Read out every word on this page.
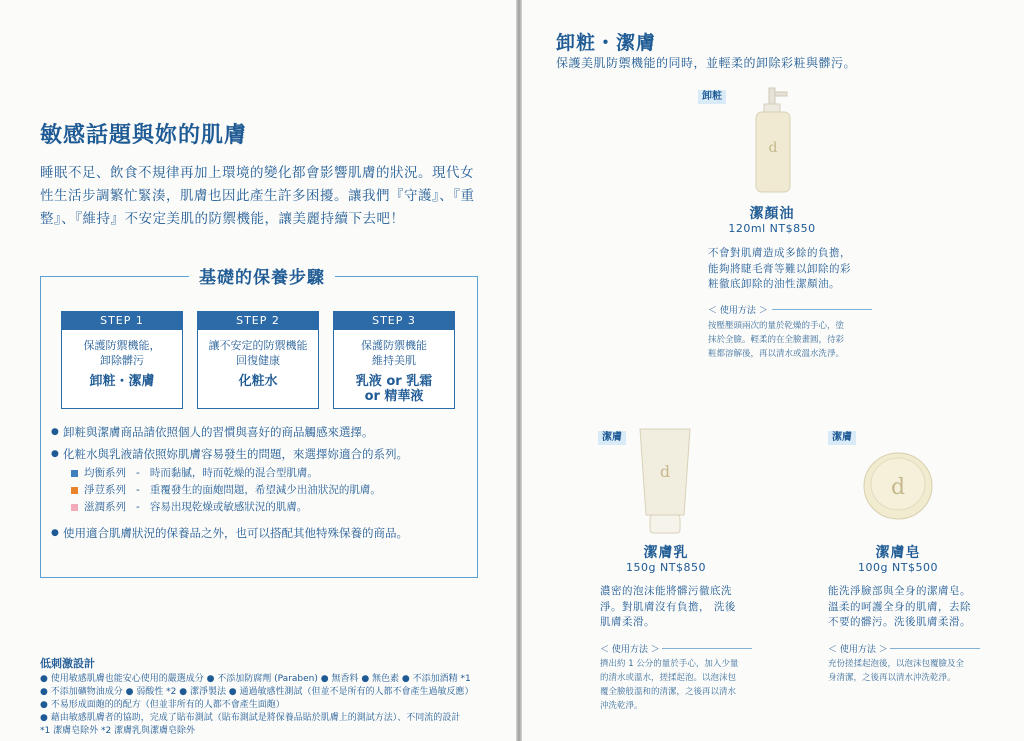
敏感話題與妳的肌膚
睡眠不足、飲食不規律再加上環境的變化都會影響肌膚的狀況。現代女性生活步調繁忙緊湊，肌膚也因此產生許多困擾。讓我們『守護』、『重整』、『維持』不安定美肌的防禦機能，讓美麗持續下去吧！
基礎的保養步驟
STEP 1
保護防禦機能，
卸除髒污
卸粧・潔膚
STEP 2
讓不安定的防禦機能
回復健康
化粧水
STEP 3
保護防禦機能
維持美肌
乳液 or 乳霜
or 精華液
● 卸粧與潔膚商品請依照個人的習慣與喜好的商品觸感來選擇。
● 化粧水與乳液請依照妳肌膚容易發生的問題，來選擇妳適合的系列。
均衡系列 - 時而黏膩，時而乾燥的混合型肌膚。
淨荳系列 - 重覆發生的面皰問題，希望減少出油狀況的肌膚。
滋潤系列 - 容易出現乾燥或敏感狀況的肌膚。
● 使用適合肌膚狀況的保養品之外，也可以搭配其他特殊保養的商品。
低刺激設計
● 使用敏感肌膚也能安心使用的嚴選成分 ● 不添加防腐劑 (Paraben) ● 無香料 ● 無色素 ● 不添加酒精 *1
● 不添加礦物油成分 ● 弱酸性 *2 ● 潔淨製法 ● 通過敏感性測試（但並不是所有的人都不會產生過敏反應）
● 不易形成面皰的的配方（但並非所有的人都不會產生面皰）
● 藉由敏感肌膚者的協助，完成了貼布測試（貼布測試是將保養品貼於肌膚上的測試方法）、不同流的設計
*1 潔膚皂除外 *2 潔膚乳與潔膚皂除外
卸粧・潔膚
保護美肌防禦機能的同時，並輕柔的卸除彩粧與髒污。
卸粧
d
潔顏油
120ml NT$850
不會對肌膚造成多餘的負擔，
能夠將睫毛膏等難以卸除的彩
粧徹底卸除的油性潔顏油。
＜ 使用方法 ＞
按壓壓頭兩次的量於乾燥的手心，塗
抹於全臉。輕柔的在全臉畫圓，待彩
粧都溶解後，再以清水或溫水洗淨。
潔膚
d
潔膚乳
150g NT$850
濃密的泡沫能將髒污徹底洗
淨。對肌膚沒有負擔， 洗後
肌膚柔滑。
＜ 使用方法 ＞
擠出約 1 公分的量於手心，加入少量
的清水或溫水，搓揉起泡。以泡沫包
覆全臉般溫和的清潔，之後再以清水
沖洗乾淨。
潔膚
d
潔膚皂
100g NT$500
能洗淨臉部與全身的潔膚皂。
溫柔的呵護全身的肌膚，去除
不要的髒污。洗後肌膚柔滑。
＜ 使用方法 ＞
充份搓揉起泡後，以泡沫包覆臉及全
身清潔，之後再以清水沖洗乾淨。
